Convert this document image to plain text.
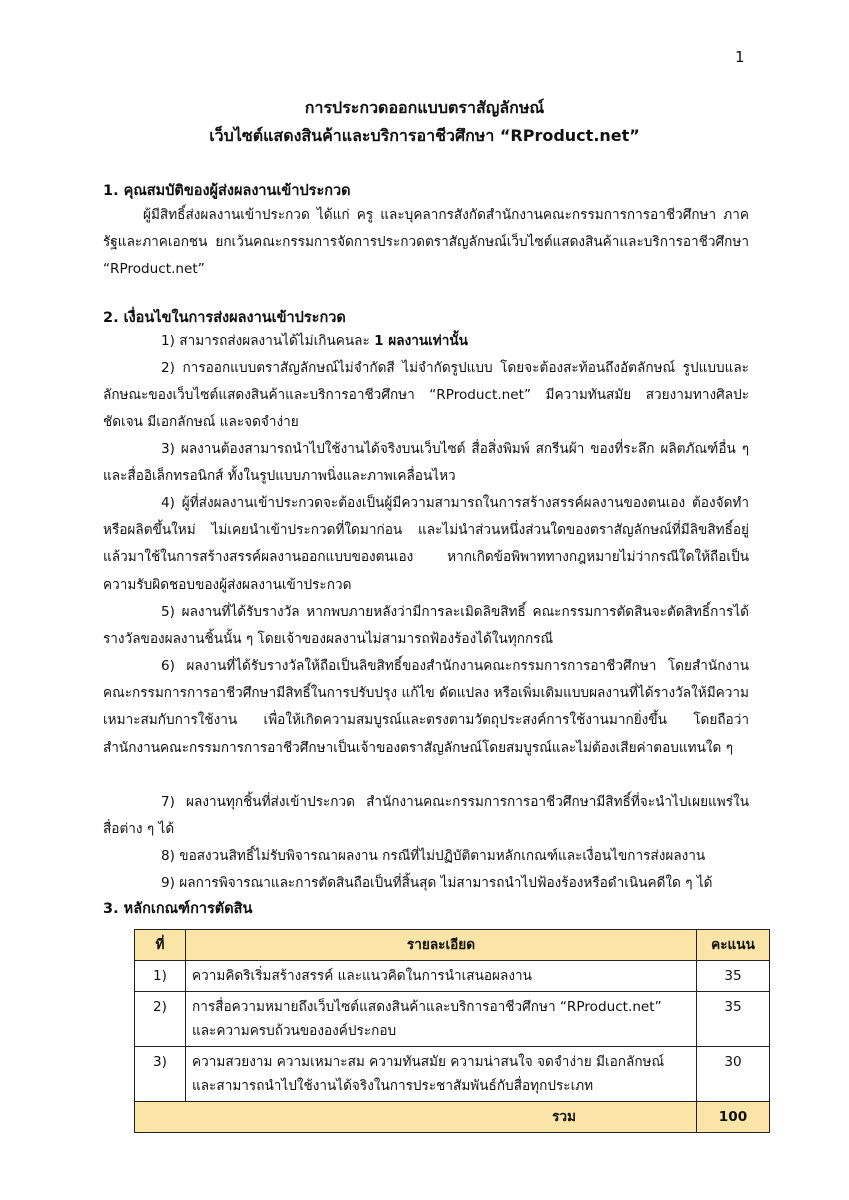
1
การประกวดออกแบบตราสัญลักษณ์
เว็บไซต์แสดงสินค้าและบริการอาชีวศึกษา “RProduct.net”
1. คุณสมบัติของผู้ส่งผลงานเข้าประกวด
ผู้มีสิทธิ์ส่งผลงานเข้าประกวด ได้แก่ ครู และบุคลากรสังกัดสำนักงานคณะกรรมการการอาชีวศึกษา ภาครัฐและภาคเอกชน ยกเว้นคณะกรรมการจัดการประกวดตราสัญลักษณ์เว็บไซต์แสดงสินค้าและบริการอาชีวศึกษา “RProduct.net”
2. เงื่อนไขในการส่งผลงานเข้าประกวด
1) สามารถส่งผลงานได้ไม่เกินคนละ 1 ผลงานเท่านั้น
2) การออกแบบตราสัญลักษณ์ไม่จำกัดสี ไม่จำกัดรูปแบบ โดยจะต้องสะท้อนถึงอัตลักษณ์ รูปแบบและลักษณะของเว็บไซต์แสดงสินค้าและบริการอาชีวศึกษา “RProduct.net” มีความทันสมัย สวยงามทางศิลปะ ชัดเจน มีเอกลักษณ์ และจดจำง่าย
3) ผลงานต้องสามารถนำไปใช้งานได้จริงบนเว็บไซต์ สื่อสิ่งพิมพ์ สกรีนผ้า ของที่ระลึก ผลิตภัณฑ์อื่น ๆ และสื่ออิเล็กทรอนิกส์ ทั้งในรูปแบบภาพนิ่งและภาพเคลื่อนไหว
4) ผู้ที่ส่งผลงานเข้าประกวดจะต้องเป็นผู้มีความสามารถในการสร้างสรรค์ผลงานของตนเอง ต้องจัดทำหรือผลิตขึ้นใหม่ ไม่เคยนำเข้าประกวดที่ใดมาก่อน และไม่นำส่วนหนึ่งส่วนใดของตราสัญลักษณ์ที่มีลิขสิทธิ์อยู่แล้วมาใช้ในการสร้างสรรค์ผลงานออกแบบของตนเอง หากเกิดข้อพิพาททางกฎหมายไม่ว่ากรณีใดให้ถือเป็นความรับผิดชอบของผู้ส่งผลงานเข้าประกวด
5) ผลงานที่ได้รับรางวัล หากพบภายหลังว่ามีการละเมิดลิขสิทธิ์ คณะกรรมการตัดสินจะตัดสิทธิ์การได้รางวัลของผลงานชิ้นนั้น ๆ โดยเจ้าของผลงานไม่สามารถฟ้องร้องได้ในทุกกรณี
6) ผลงานที่ได้รับรางวัลให้ถือเป็นลิขสิทธิ์ของสำนักงานคณะกรรมการการอาชีวศึกษา โดยสำนักงานคณะกรรมการการอาชีวศึกษามีสิทธิ์ในการปรับปรุง แก้ไข ดัดแปลง หรือเพิ่มเติมแบบผลงานที่ได้รางวัลให้มีความเหมาะสมกับการใช้งาน เพื่อให้เกิดความสมบูรณ์และตรงตามวัตถุประสงค์การใช้งานมากยิ่งขึ้น โดยถือว่าสำนักงานคณะกรรมการการอาชีวศึกษาเป็นเจ้าของตราสัญลักษณ์โดยสมบูรณ์และไม่ต้องเสียค่าตอบแทนใด ๆ
7) ผลงานทุกชิ้นที่ส่งเข้าประกวด สำนักงานคณะกรรมการการอาชีวศึกษามีสิทธิ์ที่จะนำไปเผยแพร่ในสื่อต่าง ๆ ได้
8) ขอสงวนสิทธิ์ไม่รับพิจารณาผลงาน กรณีที่ไม่ปฏิบัติตามหลักเกณฑ์และเงื่อนไขการส่งผลงาน
9) ผลการพิจารณาและการตัดสินถือเป็นที่สิ้นสุด ไม่สามารถนำไปฟ้องร้องหรือดำเนินคดีใด ๆ ได้
3. หลักเกณฑ์การตัดสิน
ที่	รายละเอียด	คะแนน
1)	ความคิดริเริ่มสร้างสรรค์ และแนวคิดในการนำเสนอผลงาน	35
2)	การสื่อความหมายถึงเว็บไซต์แสดงสินค้าและบริการอาชีวศึกษา “RProduct.net” และความครบถ้วนขององค์ประกอบ	35
3)	ความสวยงาม ความเหมาะสม ความทันสมัย ความน่าสนใจ จดจำง่าย มีเอกลักษณ์ และสามารถนำไปใช้งานได้จริงในการประชาสัมพันธ์กับสื่อทุกประเภท	30
รวม		100
